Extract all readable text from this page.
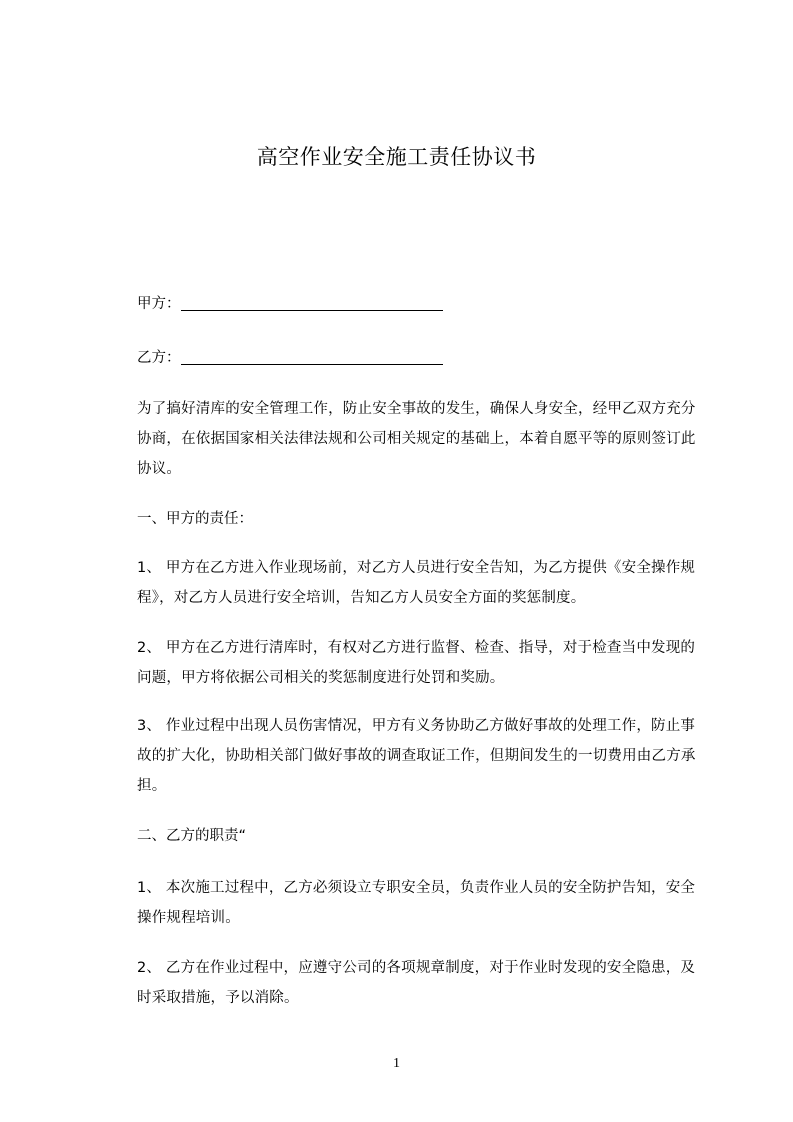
高空作业安全施工责任协议书
甲方：
乙方：
为了搞好清库的安全管理工作，防止安全事故的发生，确保人身安全，经甲乙双方充分协商，在依据国家相关法律法规和公司相关规定的基础上，本着自愿平等的原则签订此协议。
一、甲方的责任：
1、 甲方在乙方进入作业现场前，对乙方人员进行安全告知，为乙方提供《安全操作规程》，对乙方人员进行安全培训，告知乙方人员安全方面的奖惩制度。
2、 甲方在乙方进行清库时，有权对乙方进行监督、检查、指导，对于检查当中发现的问题，甲方将依据公司相关的奖惩制度进行处罚和奖励。
3、 作业过程中出现人员伤害情况，甲方有义务协助乙方做好事故的处理工作，防止事故的扩大化，协助相关部门做好事故的调查取证工作，但期间发生的一切费用由乙方承担。
二、乙方的职责“
1、 本次施工过程中，乙方必须设立专职安全员，负责作业人员的安全防护告知，安全操作规程培训。
2、 乙方在作业过程中，应遵守公司的各项规章制度，对于作业时发现的安全隐患，及时采取措施，予以消除。
1
